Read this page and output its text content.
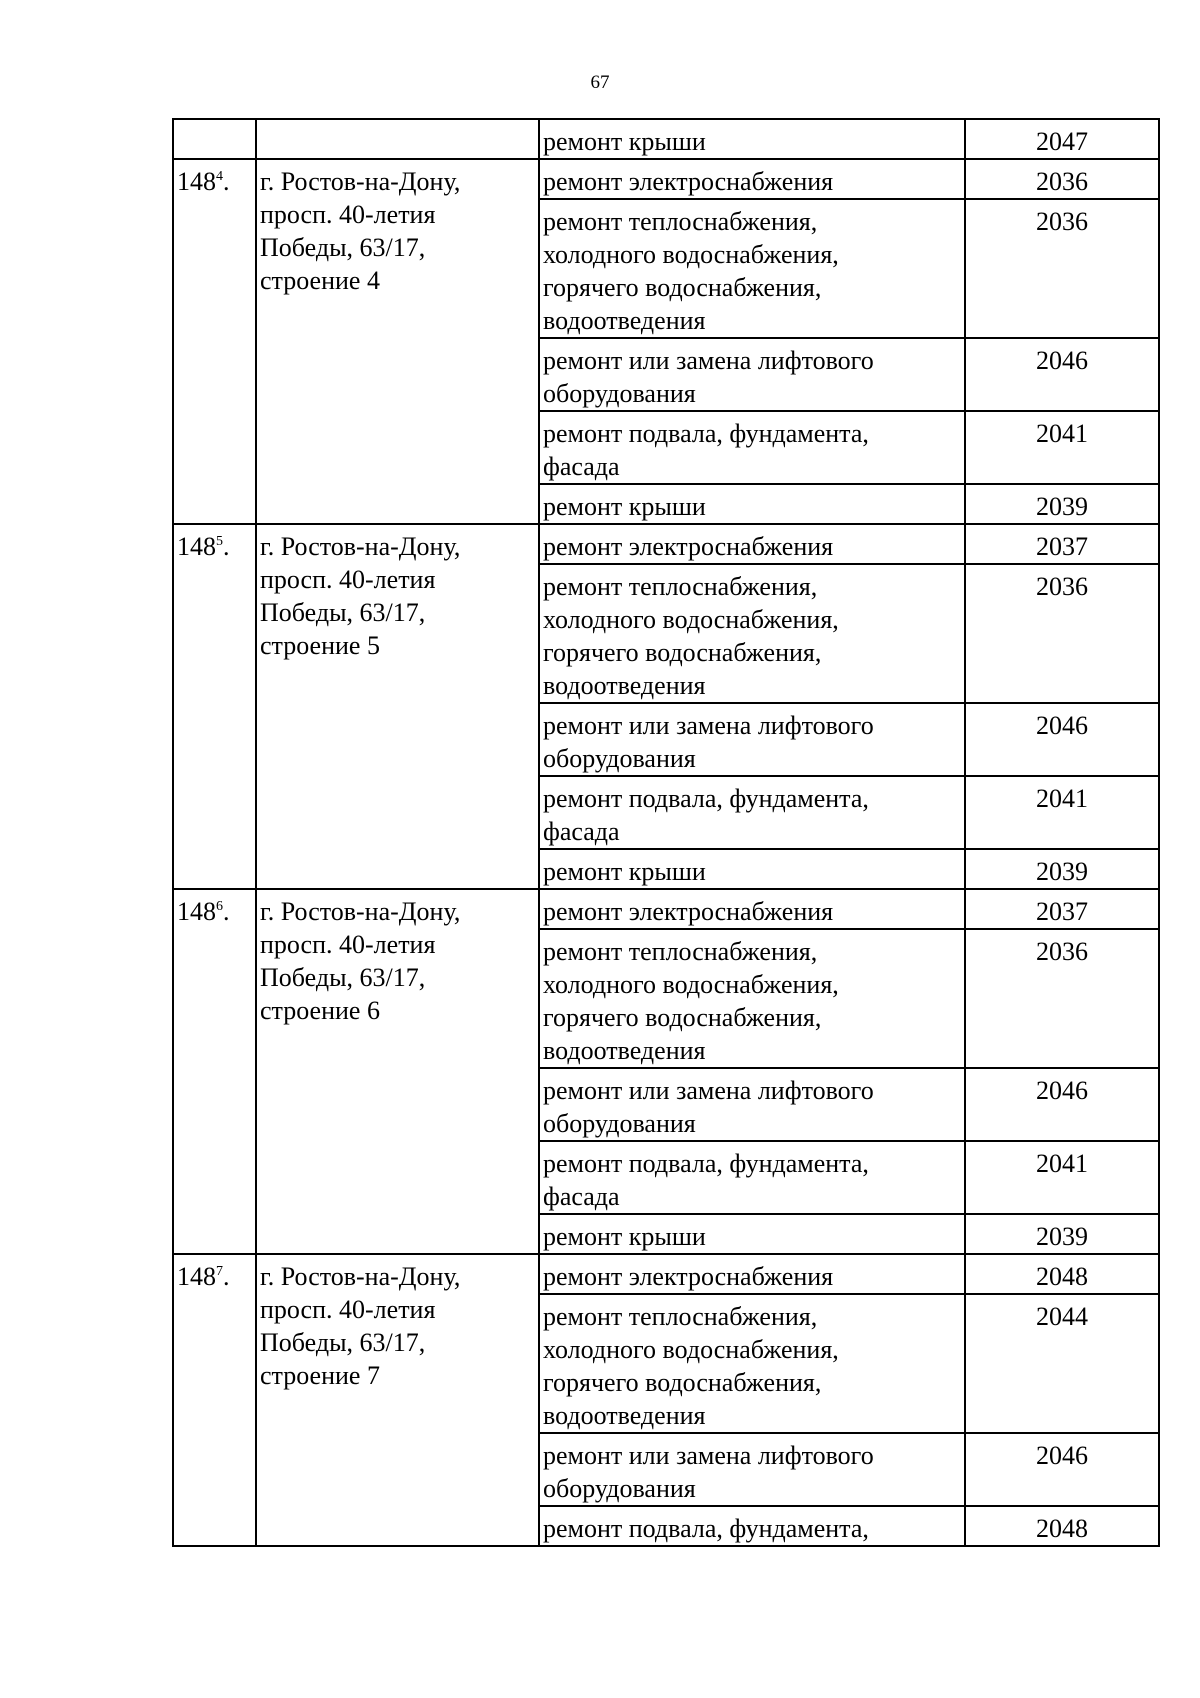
67

		ремонт крыши	2047
$148^4$.	г. Ростов-на-Дону,
просп. 40-летия
Победы, 63/17,
строение 4	ремонт электроснабжения	2036

		ремонт теплоснабжения,
холодного водоснабжения,
горячего водоснабжения,
водоотведения	2036

		ремонт или замена лифтового
оборудования	2046

		ремонт подвала, фундамента,
фасада	2041

		ремонт крыши	2039
$148^5$.	г. Ростов-на-Дону,
просп. 40-летия
Победы, 63/17,
строение 5	ремонт электроснабжения	2037

		ремонт теплоснабжения,
холодного водоснабжения,
горячего водоснабжения,
водоотведения	2036

		ремонт или замена лифтового
оборудования	2046

		ремонт подвала, фундамента,
фасада	2041

		ремонт крыши	2039
$148^6$.	г. Ростов-на-Дону,
просп. 40-летия
Победы, 63/17,
строение 6	ремонт электроснабжения	2037

		ремонт теплоснабжения,
холодного водоснабжения,
горячего водоснабжения,
водоотведения	2036

		ремонт или замена лифтового
оборудования	2046

		ремонт подвала, фундамента,
фасада	2041

		ремонт крыши	2039
$148^7$.	г. Ростов-на-Дону,
просп. 40-летия
Победы, 63/17,
строение 7	ремонт электроснабжения	2048

		ремонт теплоснабжения,
холодного водоснабжения,
горячего водоснабжения,
водоотведения	2044

		ремонт или замена лифтового
оборудования	2046

		ремонт подвала, фундамента,	2048
